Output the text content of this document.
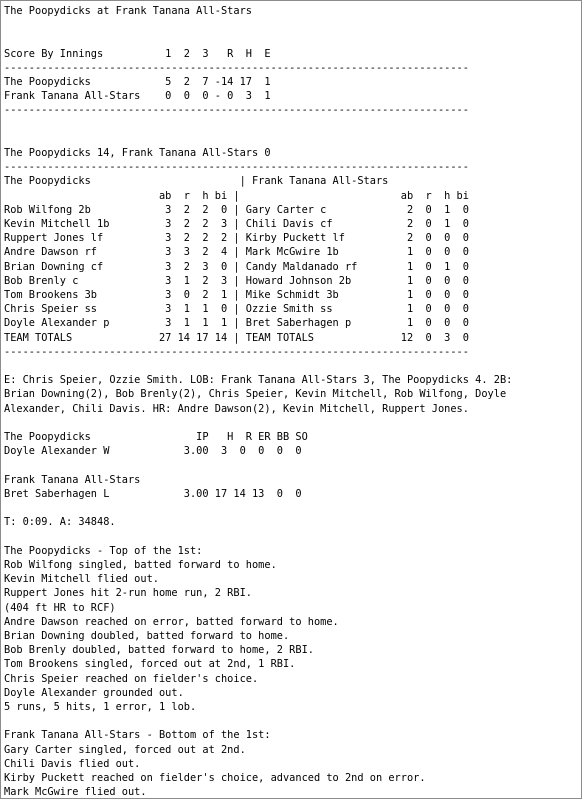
The Poopydicks at Frank Tanana All-Stars

Score By Innings          1  2  3   R  H  E
---------------------------------------------------------------------------
The Poopydicks            5  2  7 -14 17  1
Frank Tanana All-Stars    0  0  0 - 0  3  1
---------------------------------------------------------------------------

The Poopydicks 14, Frank Tanana All-Stars 0
---------------------------------------------------------------------------
The Poopydicks                        | Frank Tanana All-Stars
ab  r  h bi |                          ab  r  h bi
Rob Wilfong 2b            3  2  2  0 | Gary Carter c             2  0  1  0
Kevin Mitchell 1b         3  2  2  3 | Chili Davis cf            2  0  1  0
Ruppert Jones lf          3  2  2  2 | Kirby Puckett lf          2  0  0  0
Andre Dawson rf           3  3  2  4 | Mark McGwire 1b           1  0  0  0
Brian Downing cf          3  2  3  0 | Candy Maldanado rf        1  0  1  0
Bob Brenly c              3  1  2  3 | Howard Johnson 2b         1  0  0  0
Tom Brookens 3b           3  0  2  1 | Mike Schmidt 3b           1  0  0  0
Chris Speier ss           3  1  1  0 | Ozzie Smith ss            1  0  0  0
Doyle Alexander p         3  1  1  1 | Bret Saberhagen p         1  0  0  0
TEAM TOTALS              27 14 17 14 | TEAM TOTALS              12  0  3  0
---------------------------------------------------------------------------

E: Chris Speier, Ozzie Smith. LOB: Frank Tanana All-Stars 3, The Poopydicks 4. 2B:
Brian Downing(2), Bob Brenly(2), Chris Speier, Kevin Mitchell, Rob Wilfong, Doyle
Alexander, Chili Davis. HR: Andre Dawson(2), Kevin Mitchell, Ruppert Jones.

The Poopydicks                 IP   H  R ER BB SO
Doyle Alexander W            3.00  3  0  0  0  0

Frank Tanana All-Stars
Bret Saberhagen L            3.00 17 14 13  0  0

T: 0:09. A: 34848.

The Poopydicks - Top of the 1st:
Rob Wilfong singled, batted forward to home.
Kevin Mitchell flied out.
Ruppert Jones hit 2-run home run, 2 RBI.
(404 ft HR to RCF)
Andre Dawson reached on error, batted forward to home.
Brian Downing doubled, batted forward to home.
Bob Brenly doubled, batted forward to home, 2 RBI.
Tom Brookens singled, forced out at 2nd, 1 RBI.
Chris Speier reached on fielder's choice.
Doyle Alexander grounded out.
5 runs, 5 hits, 1 error, 1 lob.

Frank Tanana All-Stars - Bottom of the 1st:
Gary Carter singled, forced out at 2nd.
Chili Davis flied out.
Kirby Puckett reached on fielder's choice, advanced to 2nd on error.
Mark McGwire flied out.
